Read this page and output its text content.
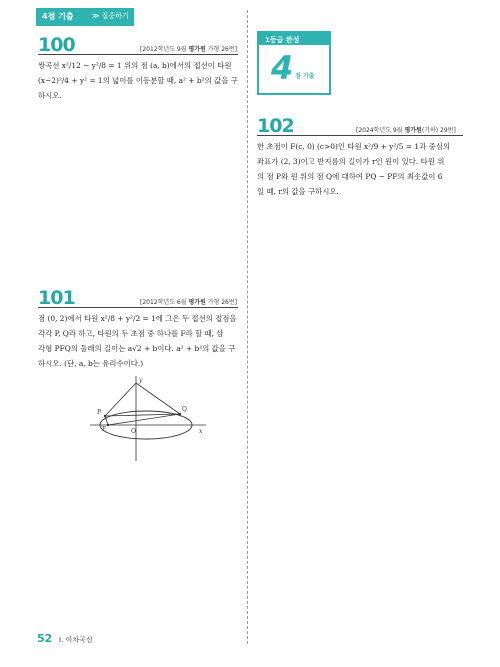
4점 기출	≫ 집중하기
100	[2012학년도 9월 평가원 가형 26번]
쌍곡선 x²/12 − y²/8 = 1 위의 점 (a, b)에서의 접선이 타원
(x−2)²/4 + y² = 1의 넓이를 이등분할 때, a² + b²의 값을 구
하시오.
101	[2012학년도 6월 평가원 가형 26번]
점 (0, 2)에서 타원 x²/8 + y²/2 = 1에 그은 두 접선의 접점을
각각 P, Q라 하고, 타원의 두 초점 중 하나를 F라 할 때, 삼
각형 PFQ의 둘레의 길이는 a√2 + b이다. a² + b²의 값을 구
하시오. (단, a, b는 유리수이다.)
y
x
O
P	Q
F
1등급 완성
4 점 기출
102	[2024학년도 9월 평가원(기하) 29번]
한 초점이 F(c, 0) (c>0)인 타원 x²/9 + y²/5 = 1과 중심의
좌표가 (2, 3)이고 반지름의 길이가 r인 원이 있다. 타원 위
의 점 P와 원 위의 점 Q에 대하여 PQ − PF의 최솟값이 6
일 때, r의 값을 구하시오.
52 Ⅰ. 이차곡선
